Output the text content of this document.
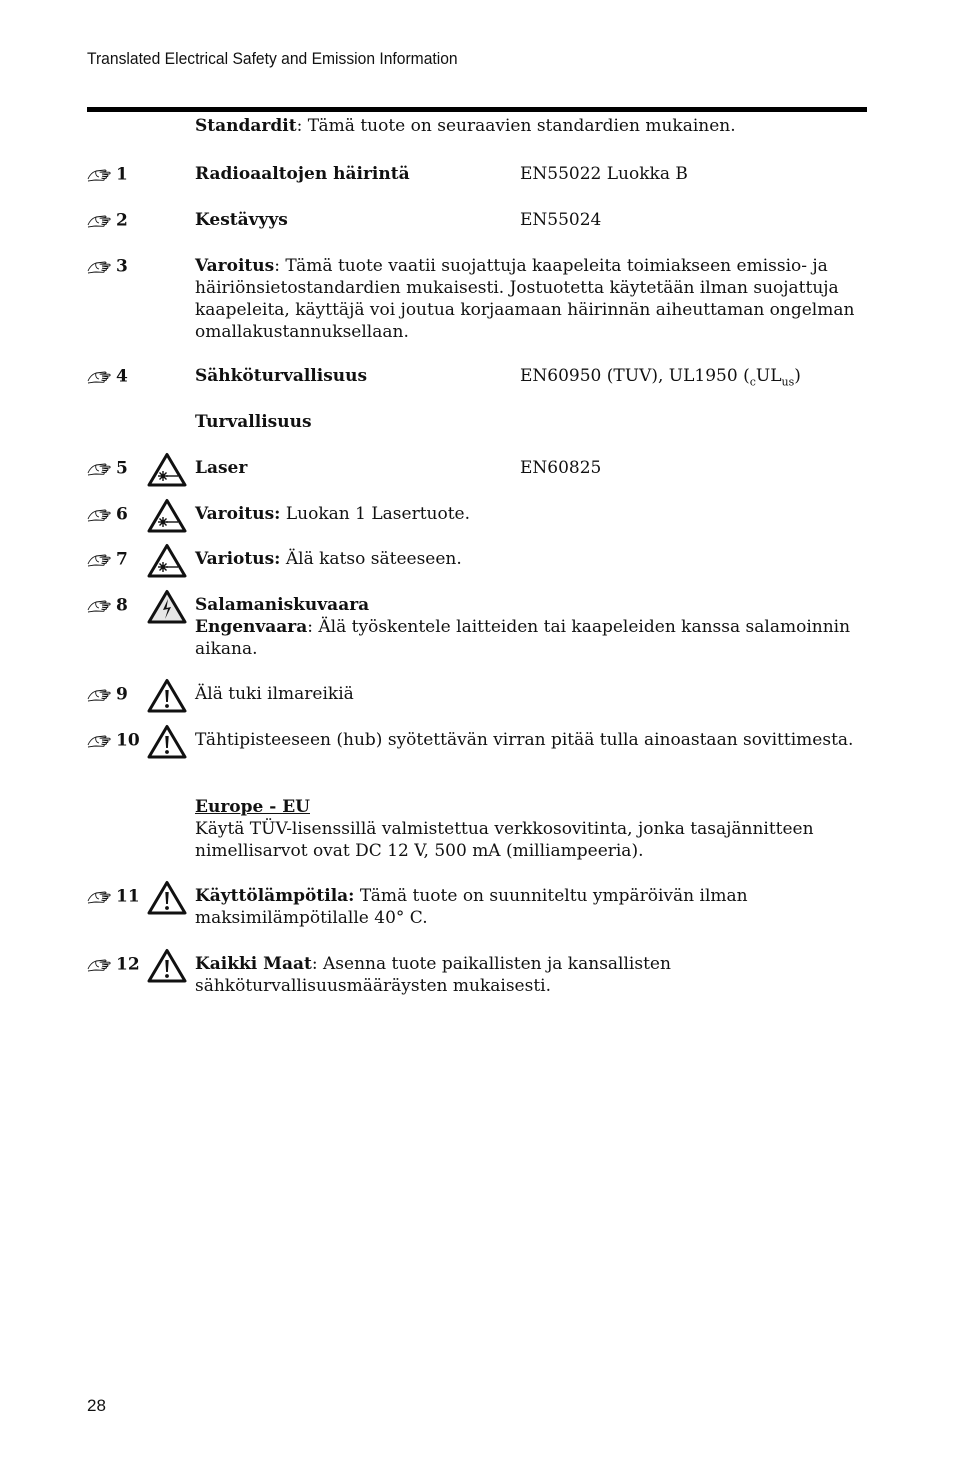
Translated Electrical Safety and Emission Information
Standardit: Tämä tuote on seuraavien standardien mukainen.
1	Radioaaltojen häirintä	EN55022 Luokka B
2	Kestävyys	EN55024
3	Varoitus: Tämä tuote vaatii suojattuja kaapeleita toimiakseen emissio- ja häiriönsietostandardien mukaisesti. Jostuotetta käytetään ilman suojattuja kaapeleita, käyttäjä voi joutua korjaamaan häirinnän aiheuttaman ongelman omallakustannuksellaan.
4	Sähköturvallisuus	EN60950 (TUV), UL1950 $(_cUL_{us})$
Turvallisuus
5	Laser	EN60825
6	Varoitus: Luokan 1 Lasertuote.
7	Variotus: Älä katso säteeseen.
8	Salamaniskuvaara
Engenvaara: Älä työskentele laitteiden tai kaapeleiden kanssa salamoinnin aikana.
9	Älä tuki ilmareikiä
10	Tähtipisteeseen (hub) syötettävän virran pitää tulla ainoastaan sovittimesta.
Europe - EU
Käytä TÜV-lisenssillä valmistettua verkkosovitinta, jonka tasajännitteen nimellisarvot ovat DC 12 V, 500 mA (milliampeeria).
11	Käyttölämpötila: Tämä tuote on suunniteltu ympäröivän ilman maksimilämpötilalle 40° C.
12	Kaikki Maat: Asenna tuote paikallisten ja kansallisten sähköturvallisuusmääräysten mukaisesti.
28
